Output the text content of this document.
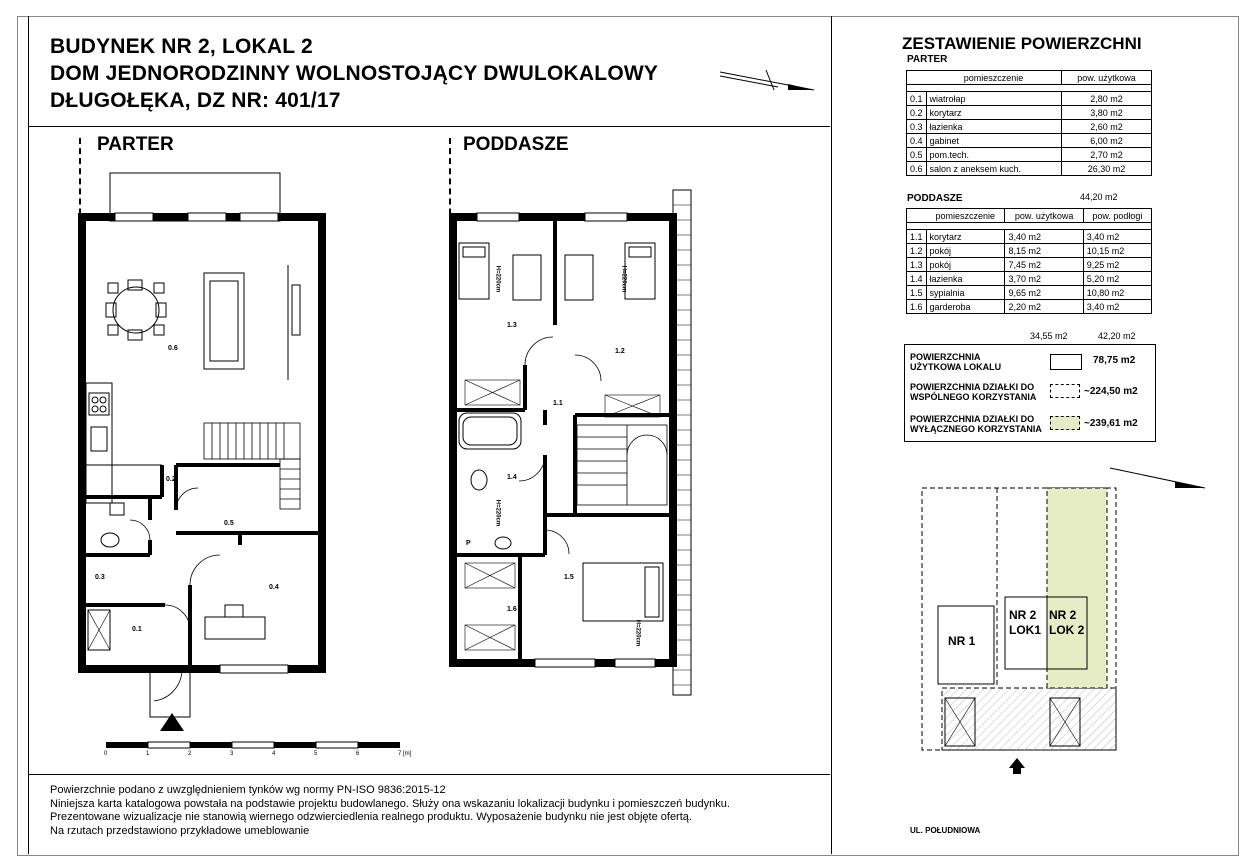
BUDYNEK NR 2, LOKAL 2
DOM JEDNORODZINNY WOLNOSTOJĄCY DWULOKALOWY
DŁUGOŁĘKA, DZ NR: 401/17
PARTER	PODDASZE
0.6
0.2
0.5
0.3
0.4
0.1
0	1	2	3	4	5	6	7 [m]
1.3
1.2
1.1
1.4
P
1.5
1.6
H=220cm	H=220cm
H=220cm
H=220cm
ZESTAWIENIE POWIERZCHNI
PARTER
	pomieszczenie	pow. użytkowa

0.1	wiatrołap	2,80 m2
0.2	korytarz	3,80 m2
0.3	łazienka	2,60 m2
0.4	gabinet	6,00 m2
0.5	pom.tech.	2,70 m2
0.6	salon z aneksem kuch.	26,30 m2
44,20 m2
PODDASZE
	pomieszczenie	pow. użytkowa	pow. podłogi

1.1	korytarz	3,40 m2	3,40 m2
1.2	pokój	8,15 m2	10,15 m2
1.3	pokój	7,45 m2	9,25 m2
1.4	łazienka	3,70 m2	5,20 m2
1.5	sypialnia	9,65 m2	10,80 m2
1.6	garderoba	2,20 m2	3,40 m2
34,55 m2	42,20 m2
POWIERZCHNIA UŻYTKOWA LOKALU
78,75 m2
POWIERZCHNIA DZIAŁKI DO WSPÓLNEGO KORZYSTANIA	~224,50 m2
POWIERZCHNIA DZIAŁKI DO WYŁĄCZNEGO KORZYSTANIA	~239,61 m2
NR 1
NR 2 LOK1
NR 2 LOK 2
UL. POŁUDNIOWA
Powierzchnie podano z uwzględnieniem tynków wg normy PN-ISO 9836:2015-12
Niniejsza karta katalogowa powstała na podstawie projektu budowlanego. Służy ona wskazaniu lokalizacji budynku i pomieszczeń budynku.
Prezentowane wizualizacje nie stanowią wiernego odzwierciedlenia realnego produktu. Wyposażenie budynku nie jest objęte ofertą.
Na rzutach przedstawiono przykładowe umeblowanie
